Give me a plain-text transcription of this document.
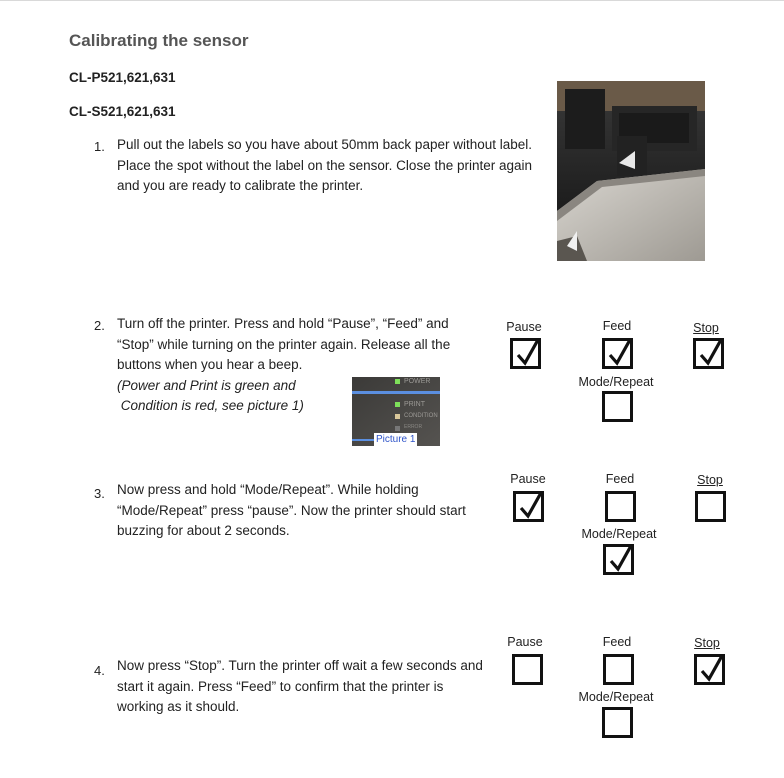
Calibrating the sensor
CL-P521,621,631
CL-S521,621,631
1. Pull out the labels so you have about 50mm back paper without label.
Place the spot without the label on the sensor. Close the printer again
and you are ready to calibrate the printer.
2. Turn off the printer. Press and hold “Pause”, “Feed” and
“Stop” while turning on the printer again. Release all the
buttons when you hear a beep.
(Power and Print is green and
Condition is red, see picture 1)
POWER
PRINT
CONDITION
ERROR
Picture 1
Pause	Feed	Stop
Mode/Repeat
3. Now press and hold “Mode/Repeat”. While holding
“Mode/Repeat” press “pause”. Now the printer should start
buzzing for about 2 seconds.
Pause	Feed	Stop
Mode/Repeat
4. Now press “Stop”. Turn the printer off wait a few seconds and
start it again. Press “Feed” to confirm that the printer is
working as it should.
Pause	Feed	Stop
Mode/Repeat
